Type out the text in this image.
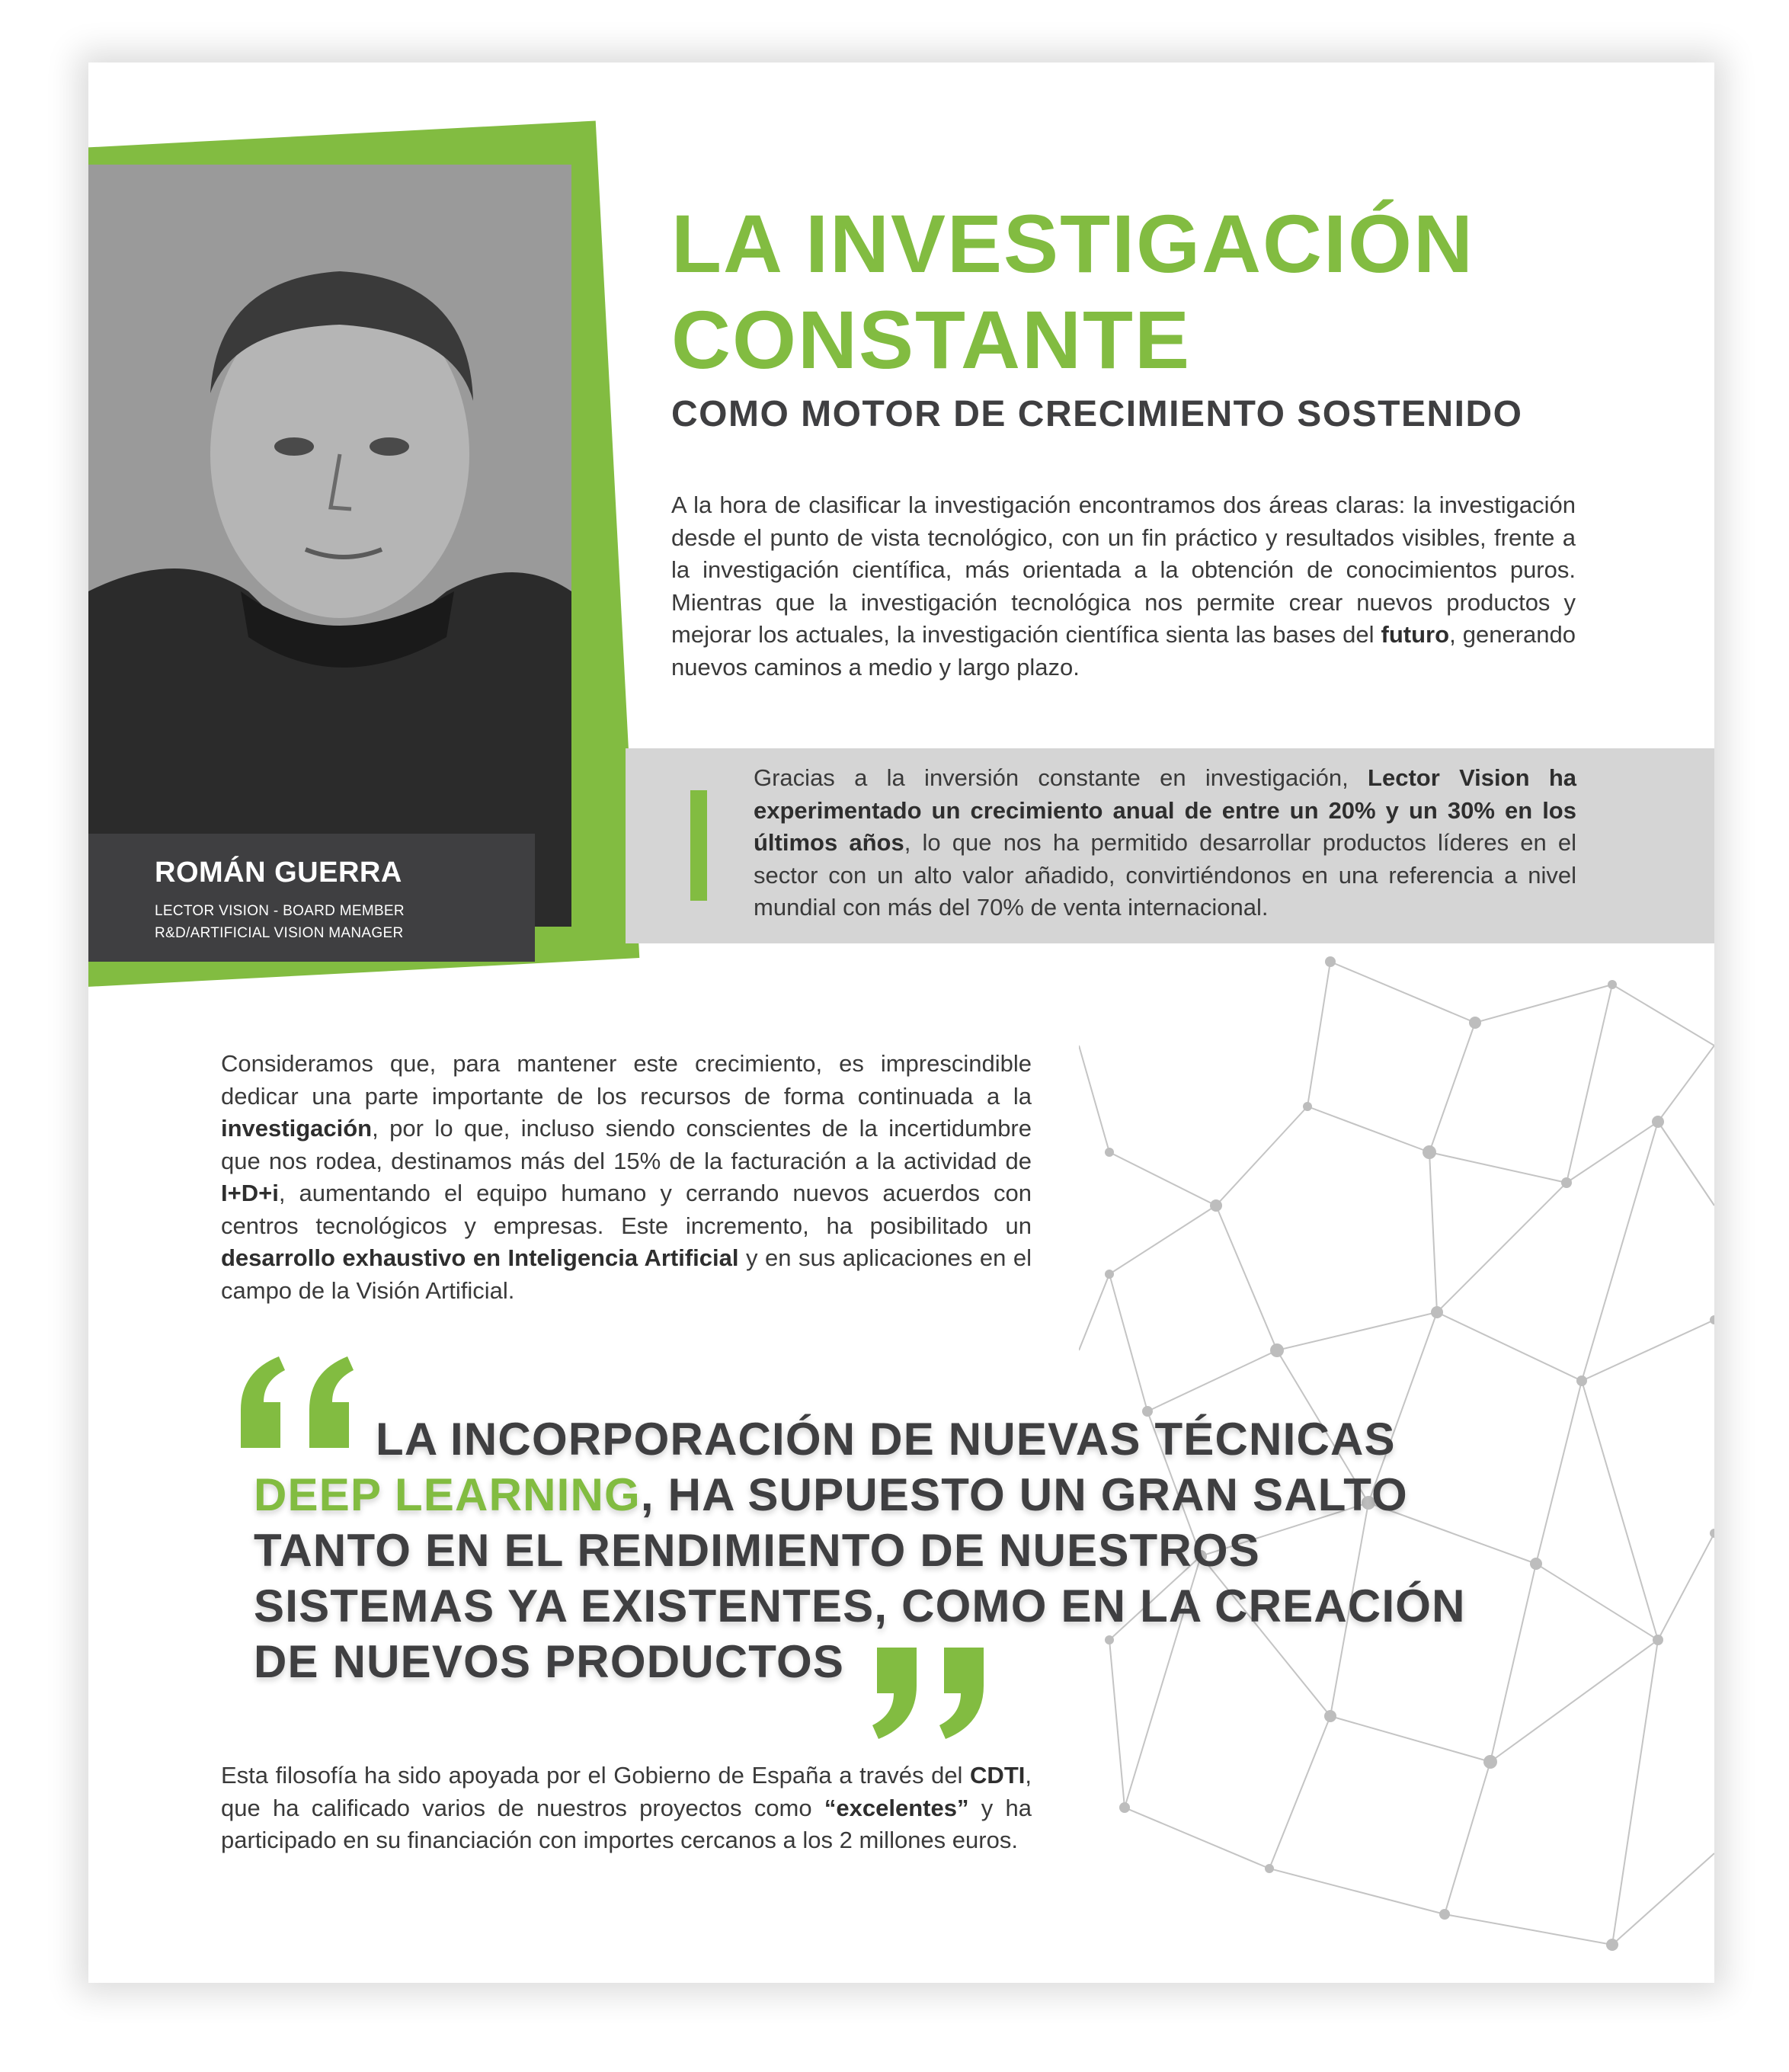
ROMÁN GUERRA
LECTOR VISION - BOARD MEMBER
R&D/ARTIFICIAL VISION MANAGER
LA INVESTIGACIÓN
CONSTANTE
COMO MOTOR DE CRECIMIENTO SOSTENIDO
A la hora de clasificar la investigación encontramos dos áreas claras: la investigación desde el punto de vista tecnológico, con un fin práctico y resultados visibles, frente a la investigación científica, más orientada a la obtención de conocimientos puros. Mientras que la investigación tecnológica nos permite crear nuevos productos y mejorar los actuales, la investigación científica sienta las bases del futuro, generando nuevos caminos a medio y largo plazo.
Gracias a la inversión constante en investigación, Lector Vision ha experimentado un crecimiento anual de entre un 20% y un 30% en los últimos años, lo que nos ha permitido desarrollar productos líderes en el sector con un alto valor añadido, convirtiéndonos en una referencia a nivel mundial con más del 70% de venta internacional.
Consideramos que, para mantener este crecimiento, es imprescindible dedicar una parte importante de los recursos de forma continuada a la investigación, por lo que, incluso siendo conscientes de la incertidumbre que nos rodea, destinamos más del 15% de la facturación a la actividad de I+D+i, aumentando el equipo humano y cerrando nuevos acuerdos con centros tecnológicos y empresas. Este incremento, ha posibilitado un desarrollo exhaustivo en Inteligencia Artificial y en sus aplicaciones en el campo de la Visión Artificial.
LA INCORPORACIÓN DE NUEVAS TÉCNICAS
DEEP LEARNING, HA SUPUESTO UN GRAN SALTO
TANTO EN EL RENDIMIENTO DE NUESTROS
SISTEMAS YA EXISTENTES, COMO EN LA CREACIÓN
DE NUEVOS PRODUCTOS
Esta filosofía ha sido apoyada por el Gobierno de España a través del CDTI, que ha calificado varios de nuestros proyectos como “excelentes” y ha participado en su financiación con importes cercanos a los 2 millones euros.
